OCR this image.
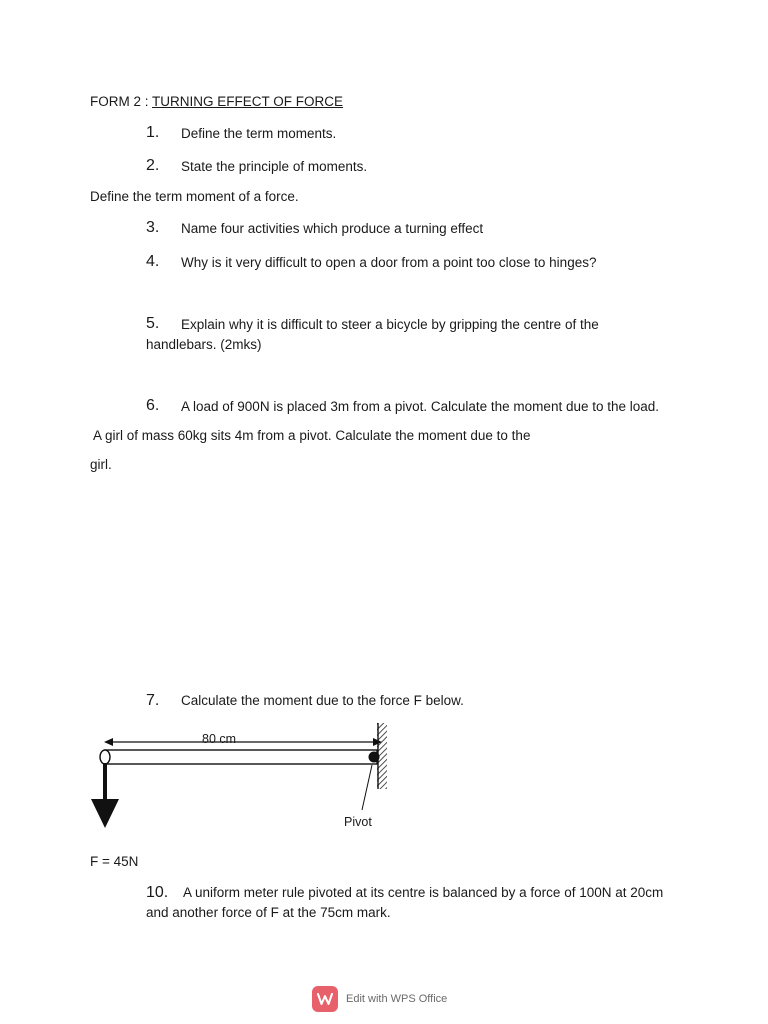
FORM 2 : TURNING EFFECT OF FORCE
1. Define the term moments.
2. State the principle of moments.
Define the term moment of a force.
3. Name four activities which produce a turning effect
4. Why is it very difficult to open a door from a point too close to hinges?
5. Explain why it is difficult to steer a bicycle by gripping the centre of the
handlebars. (2mks)
6. A load of 900N is placed 3m from a pivot. Calculate the moment due to the load.
A girl of mass 60kg sits 4m from a pivot. Calculate the moment due to the
girl.
7. Calculate the moment due to the force F below.
80 cm
Pivot
F = 45N
10. A uniform meter rule pivoted at its centre is balanced by a force of 100N at 20cm
and another force of F at the 75cm mark.
Edit with WPS Office
